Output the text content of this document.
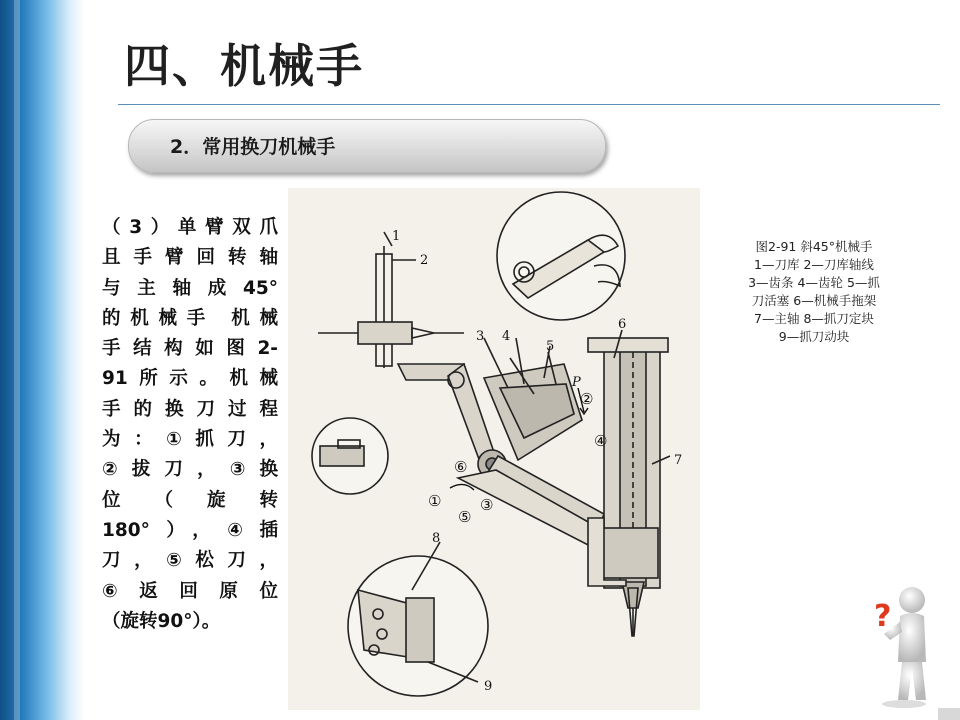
四、机械手
2．常用换刀机械手
（3）单臂双爪
且手臂回转轴
与主轴成45°
的机械手 机械
手结构如图2-
91所示。机械
手的换刀过程
为：①抓刀，
②拔刀，③换
位 （ 旋 转
180°），④插
刀，⑤松刀，
⑥返回原位
（旋转90°）。
1
2
3 4
5
6
7
8
9
P
①
②
③
④
⑤
⑥
图2-91 斜45°机械手
1—刀库 2—刀库轴线
3—齿条 4—齿轮 5—抓
刀活塞 6—机械手拖架
7—主轴 8—抓刀定块
9—抓刀动块
?
